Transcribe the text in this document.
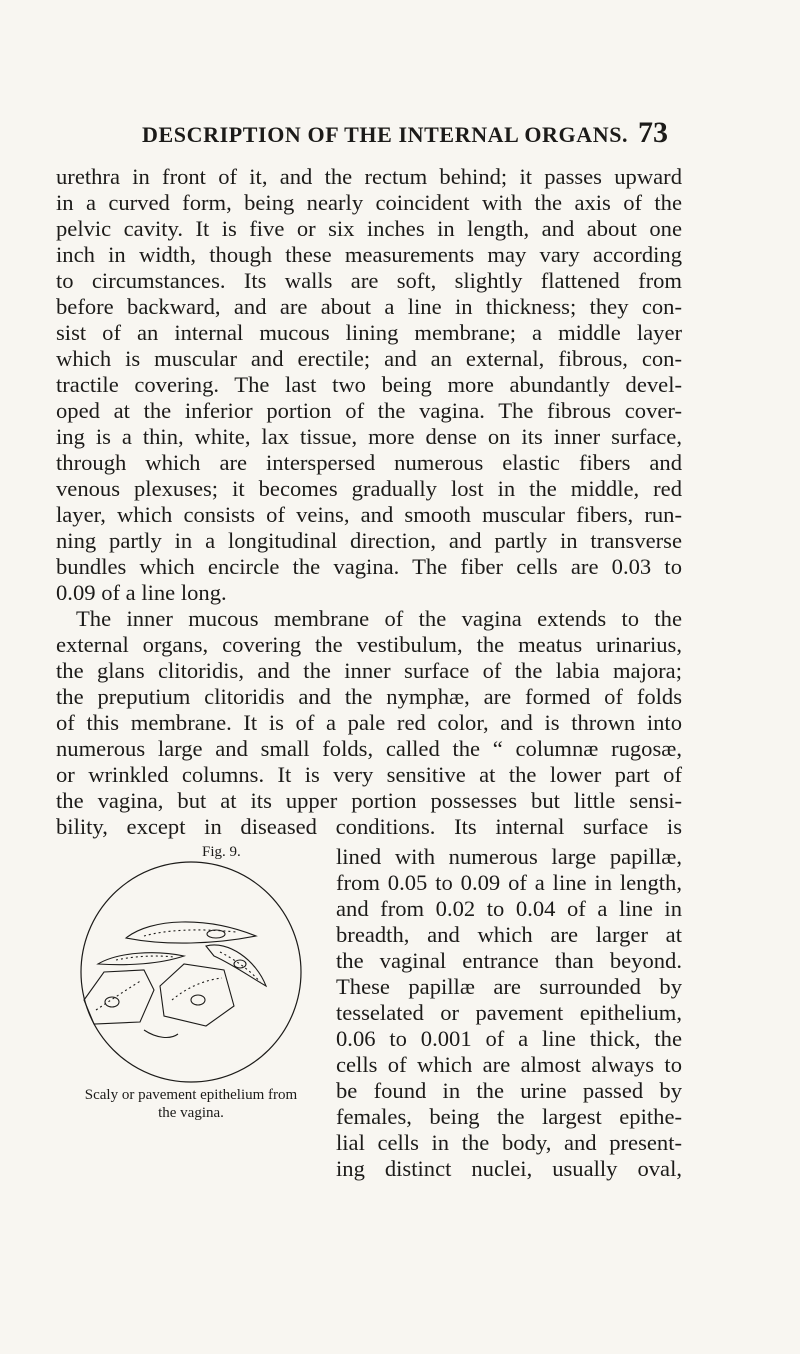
DESCRIPTION OF THE INTERNAL ORGANS. 73
urethra in front of it, and the rectum behind; it passes upward
in a curved form, being nearly coincident with the axis of the
pelvic cavity. It is five or six inches in length, and about one
inch in width, though these measurements may vary according
to circumstances. Its walls are soft, slightly flattened from
before backward, and are about a line in thickness; they con-
sist of an internal mucous lining membrane; a middle layer
which is muscular and erectile; and an external, fibrous, con-
tractile covering. The last two being more abundantly devel-
oped at the inferior portion of the vagina. The fibrous cover-
ing is a thin, white, lax tissue, more dense on its inner surface,
through which are interspersed numerous elastic fibers and
venous plexuses; it becomes gradually lost in the middle, red
layer, which consists of veins, and smooth muscular fibers, run-
ning partly in a longitudinal direction, and partly in transverse
bundles which encircle the vagina. The fiber cells are 0.03 to
0.09 of a line long.
The inner mucous membrane of the vagina extends to the
external organs, covering the vestibulum, the meatus urinarius,
the glans clitoridis, and the inner surface of the labia majora;
the preputium clitoridis and the nymphæ, are formed of folds
of this membrane. It is of a pale red color, and is thrown into
numerous large and small folds, called the “ columnæ rugosæ,
or wrinkled columns. It is very sensitive at the lower part of
the vagina, but at its upper portion possesses but little sensi-
bility, except in diseased conditions. Its internal surface is
Fig. 9.
Scaly or pavement epithelium from
the vagina.
lined with numerous large papillæ,
from 0.05 to 0.09 of a line in length,
and from 0.02 to 0.04 of a line in
breadth, and which are larger at
the vaginal entrance than beyond.
These papillæ are surrounded by
tesselated or pavement epithelium,
0.06 to 0.001 of a line thick, the
cells of which are almost always to
be found in the urine passed by
females, being the largest epithe-
lial cells in the body, and present-
ing distinct nuclei, usually oval,
